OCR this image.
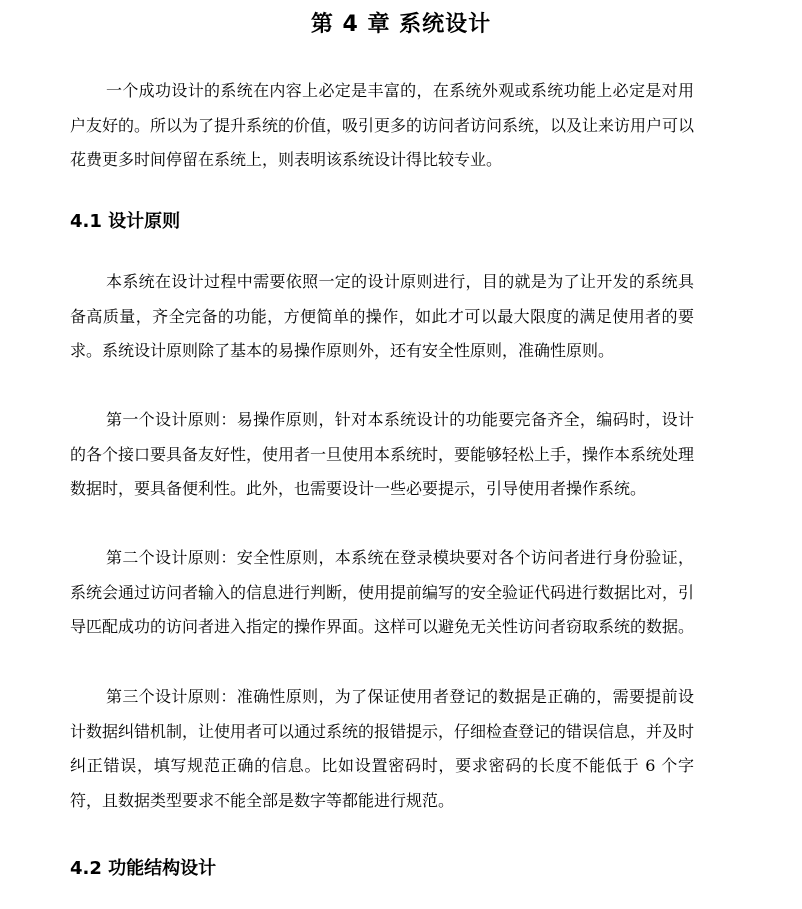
第 4 章 系统设计

一个成功设计的系统在内容上必定是丰富的，在系统外观或系统功能上必定是对用户友好的。所以为了提升系统的价值，吸引更多的访问者访问系统，以及让来访用户可以花费更多时间停留在系统上，则表明该系统设计得比较专业。

4.1 设计原则

本系统在设计过程中需要依照一定的设计原则进行，目的就是为了让开发的系统具备高质量，齐全完备的功能，方便简单的操作，如此才可以最大限度的满足使用者的要求。系统设计原则除了基本的易操作原则外，还有安全性原则，准确性原则。

第一个设计原则：易操作原则，针对本系统设计的功能要完备齐全，编码时，设计的各个接口要具备友好性，使用者一旦使用本系统时，要能够轻松上手，操作本系统处理数据时，要具备便利性。此外，也需要设计一些必要提示，引导使用者操作系统。

第二个设计原则：安全性原则，本系统在登录模块要对各个访问者进行身份验证，系统会通过访问者输入的信息进行判断，使用提前编写的安全验证代码进行数据比对，引导匹配成功的访问者进入指定的操作界面。这样可以避免无关性访问者窃取系统的数据。

第三个设计原则：准确性原则，为了保证使用者登记的数据是正确的，需要提前设计数据纠错机制，让使用者可以通过系统的报错提示，仔细检查登记的错误信息，并及时纠正错误，填写规范正确的信息。比如设置密码时，要求密码的长度不能低于 6 个字符，且数据类型要求不能全部是数字等都能进行规范。

4.2 功能结构设计
